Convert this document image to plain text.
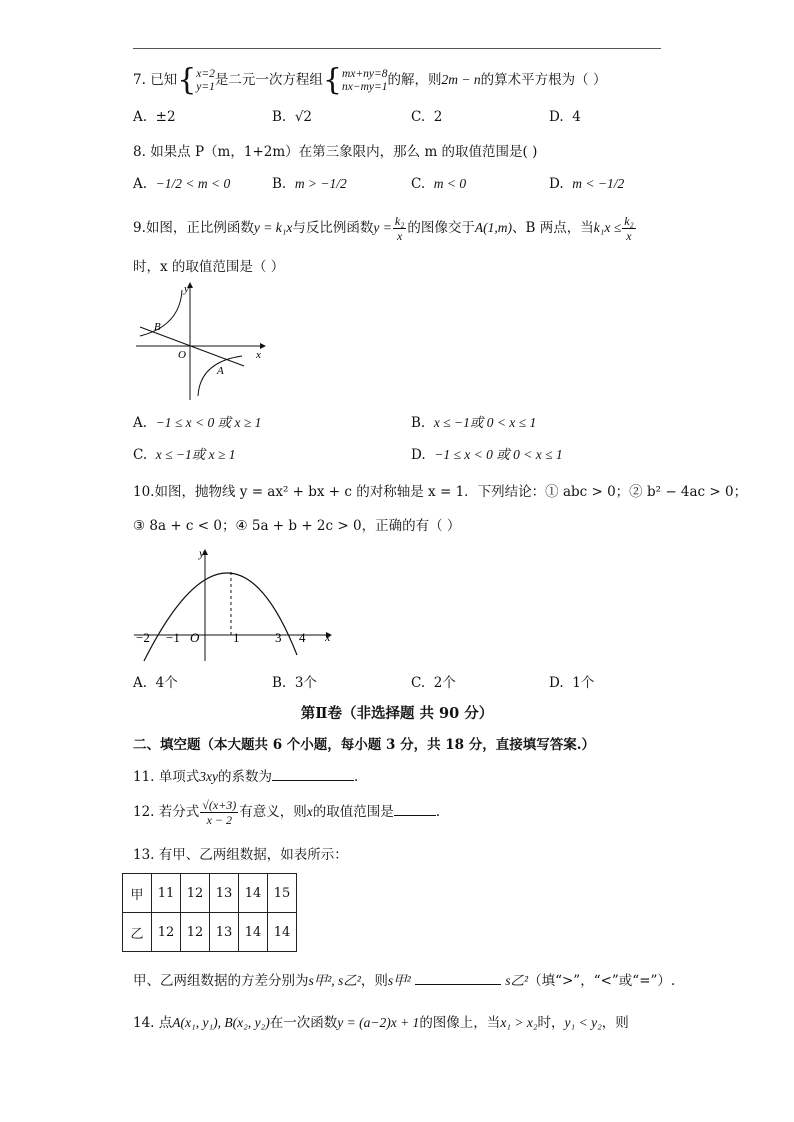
7. 已知{ x=2
y=1 是二元一次方程组{ mx+ny=8
nx−my=1 的解，则2m − n的算术平方根为（ ）
A. ±2	B. √2	C. 2	D. 4
8. 如果点 P（m，1+2m）在第三象限内，那么 m 的取值范围是( )
A. −1/2 < m < 0	B. m > −1/2	C. m < 0	D. m < −1/2
9.如图，正比例函数y = k₁x与反比例函数$y = \frac{\text{k₂}}{x}$ 的图像交于A(1,m)、B 两点，当$k_1x \le \frac{\text{k₂}}{x}$
时，x 的取值范围是（ ）
y
x
O
A
B
A. −1 ≤ x < 0 或 x ≥ 1	B. x ≤ −1或 0 < x ≤ 1
C. x ≤ −1或 x ≥ 1	D. −1 ≤ x < 0 或 0 < x ≤ 1
10.如图，抛物线 y = ax² + bx + c 的对称轴是 x = 1．下列结论：① abc > 0；② b² − 4ac > 0；
③ 8a + c < 0；④ 5a + b + 2c > 0，正确的有（ ）
y
x
O
−2 −1	1	3 4
A. 4个	B. 3个	C. 2个	D. 1个
第Ⅱ卷（非选择题 共 90 分）
二、填空题（本大题共 6 个小题，每小题 3 分，共 18 分，直接填写答案.）
11. 单项式3xy的系数为	.
12. 若分式 $\frac{√(x+3)}{x - 2}$ 有意义，则x的取值范围是	.
13. 有甲、乙两组数据，如表所示：
甲	11	12	13	14	15
乙	12	12	13	14	14
甲、乙两组数据的方差分别为s甲², s乙²，则s甲²	s乙²（填“>”，“<”或“=”）.
14. 点A(x₁, y₁), B(x₂, y₂)在一次函数y = (a−2)x + 1的图像上，当x₁ > x₂时，y₁ < y₂，则
